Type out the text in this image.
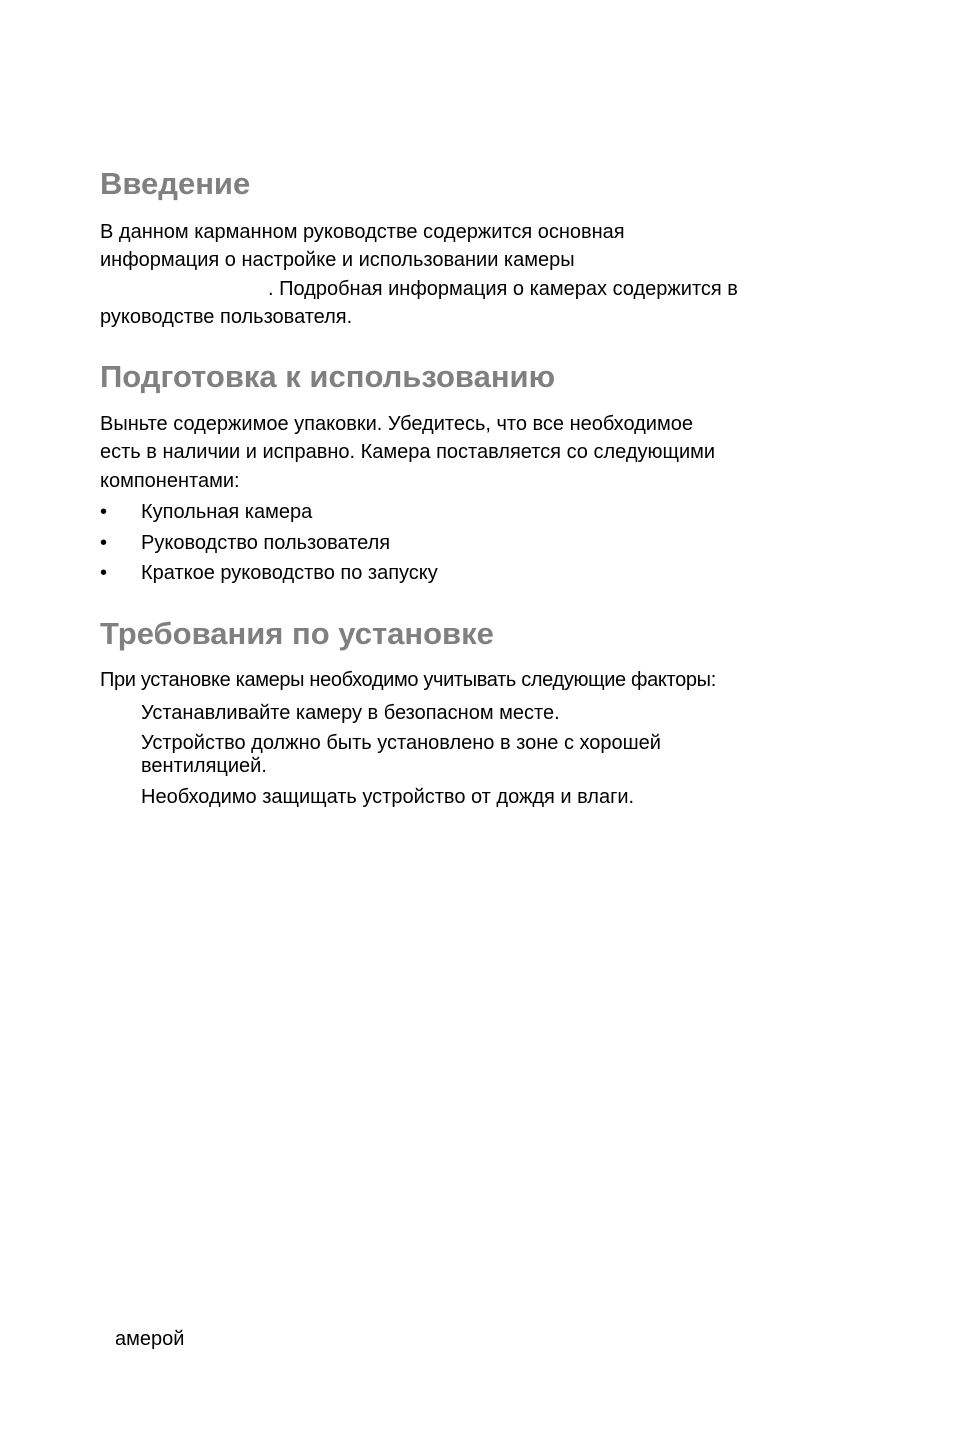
Введение
В данном карманном руководстве содержится основная
информация о настройке и использовании камеры
. Подробная информация о камерах содержится в
руководстве пользователя.
Подготовка к использованию
Выньте содержимое упаковки. Убедитесь, что все необходимое
есть в наличии и исправно. Камера поставляется со следующими
компонентами:
•	Купольная камера
•	Руководство пользователя
•	Краткое руководство по запуску
Требования по установке

При установке камеры необходимо учитывать следующие факторы:

Устанавливайте камеру в безопасном месте.
Устройство должно быть установлено в зоне с хорошей
вентиляцией.
Необходимо защищать устройство от дождя и влаги.

амерой
